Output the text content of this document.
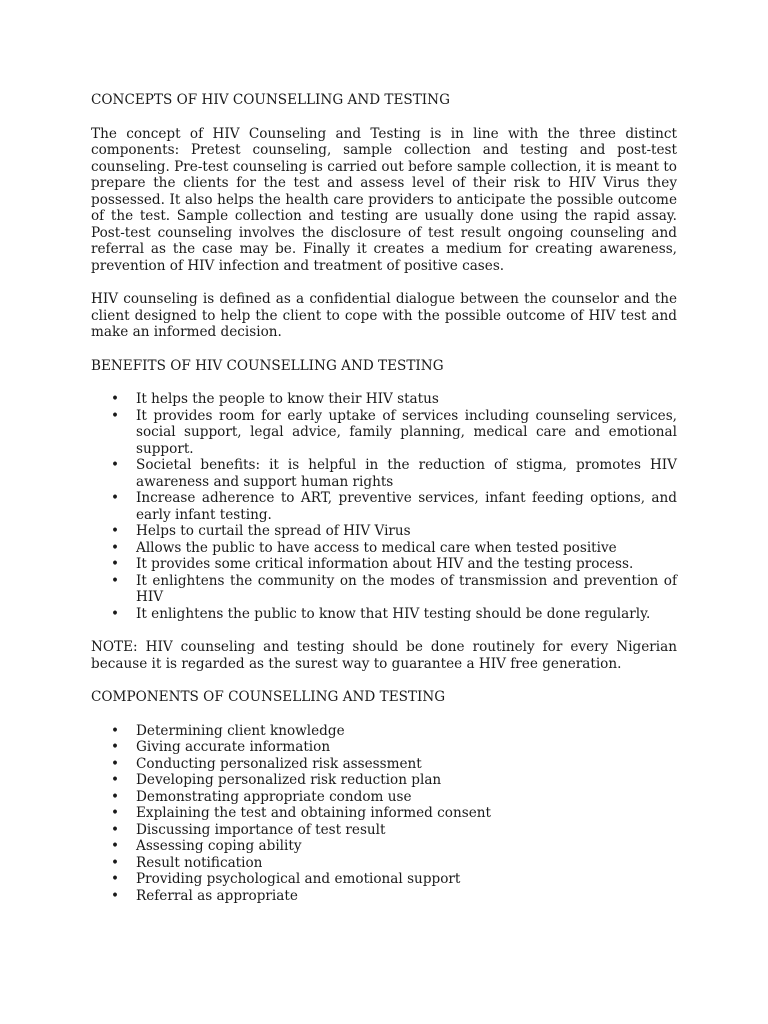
CONCEPTS OF HIV COUNSELLING AND TESTING

The concept of HIV Counseling and Testing is in line with the three distinct components: Pretest counseling, sample collection and testing and post-test counseling. Pre-test counseling is carried out before sample collection, it is meant to prepare the clients for the test and assess level of their risk to HIV Virus they possessed. It also helps the health care providers to anticipate the possible outcome of the test. Sample collection and testing are usually done using the rapid assay. Post-test counseling involves the disclosure of test result ongoing counseling and referral as the case may be. Finally it creates a medium for creating awareness, prevention of HIV infection and treatment of positive cases.

HIV counseling is defined as a confidential dialogue between the counselor and the client designed to help the client to cope with the possible outcome of HIV test and make an informed decision.

BENEFITS OF HIV COUNSELLING AND TESTING
• It helps the people to know their HIV status
• It provides room for early uptake of services including counseling services, social support, legal advice, family planning, medical care and emotional support.
• Societal benefits: it is helpful in the reduction of stigma, promotes HIV awareness and support human rights
• Increase adherence to ART, preventive services, infant feeding options, and early infant testing.
• Helps to curtail the spread of HIV Virus
• Allows the public to have access to medical care when tested positive
• It provides some critical information about HIV and the testing process.
• It enlightens the community on the modes of transmission and prevention of HIV
• It enlightens the public to know that HIV testing should be done regularly.

NOTE: HIV counseling and testing should be done routinely for every Nigerian because it is regarded as the surest way to guarantee a HIV free generation.

COMPONENTS OF COUNSELLING AND TESTING
• Determining client knowledge
• Giving accurate information
• Conducting personalized risk assessment
• Developing personalized risk reduction plan
• Demonstrating appropriate condom use
• Explaining the test and obtaining informed consent
• Discussing importance of test result
• Assessing coping ability
• Result notification
• Providing psychological and emotional support
• Referral as appropriate
